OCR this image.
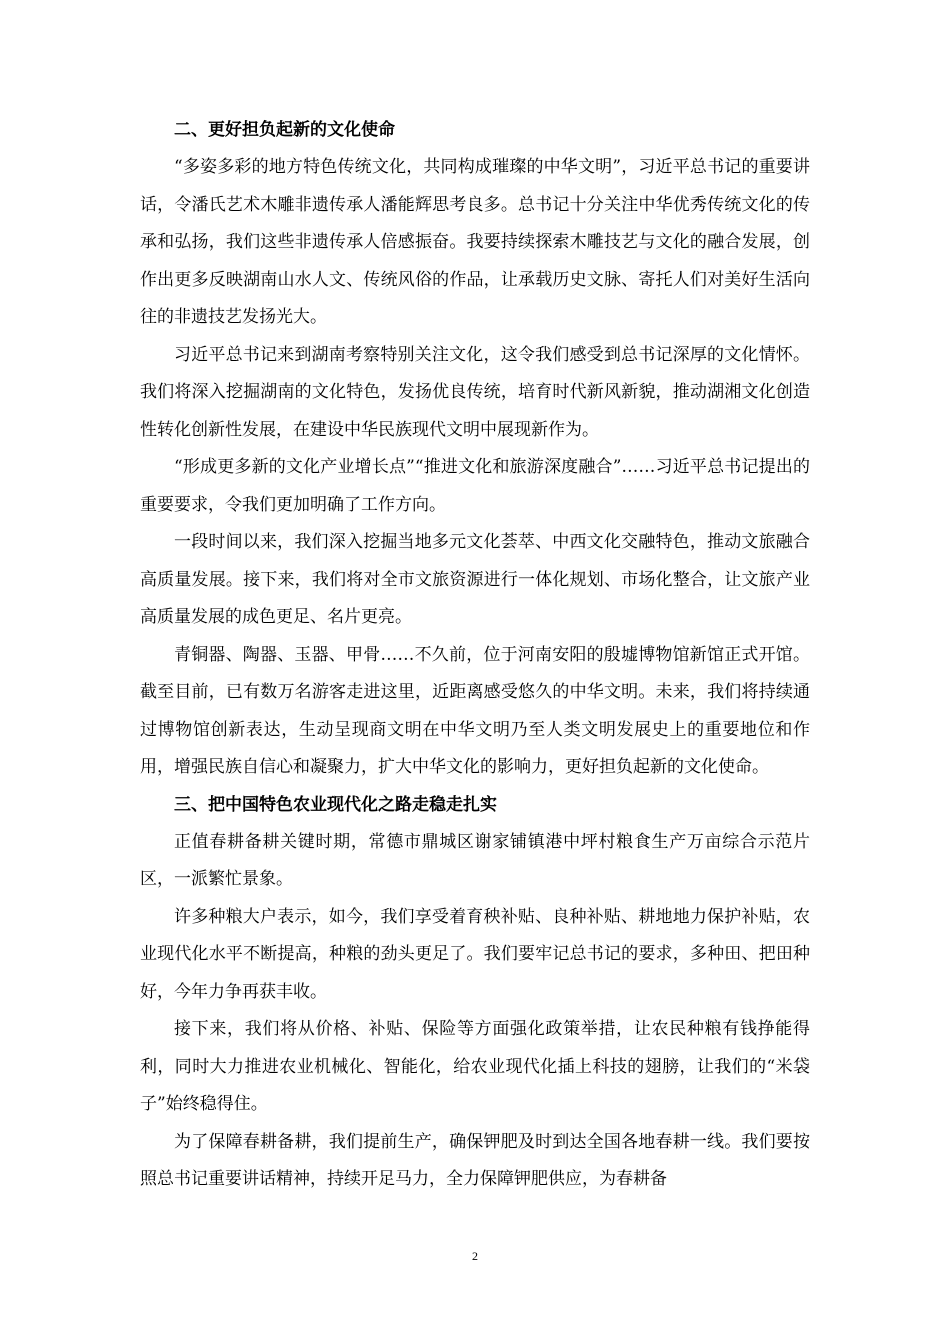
二、更好担负起新的文化使命

“多姿多彩的地方特色传统文化，共同构成璀璨的中华文明”，习近平总书记的重要讲话，令潘氏艺术木雕非遗传承人潘能辉思考良多。总书记十分关注中华优秀传统文化的传承和弘扬，我们这些非遗传承人倍感振奋。我要持续探索木雕技艺与文化的融合发展，创作出更多反映湖南山水人文、传统风俗的作品，让承载历史文脉、寄托人们对美好生活向往的非遗技艺发扬光大。

习近平总书记来到湖南考察特别关注文化，这令我们感受到总书记深厚的文化情怀。我们将深入挖掘湖南的文化特色，发扬优良传统，培育时代新风新貌，推动湖湘文化创造性转化创新性发展，在建设中华民族现代文明中展现新作为。

“形成更多新的文化产业增长点”“推进文化和旅游深度融合”……习近平总书记提出的重要要求，令我们更加明确了工作方向。

一段时间以来，我们深入挖掘当地多元文化荟萃、中西文化交融特色，推动文旅融合高质量发展。接下来，我们将对全市文旅资源进行一体化规划、市场化整合，让文旅产业高质量发展的成色更足、名片更亮。

青铜器、陶器、玉器、甲骨……不久前，位于河南安阳的殷墟博物馆新馆正式开馆。截至目前，已有数万名游客走进这里，近距离感受悠久的中华文明。未来，我们将持续通过博物馆创新表达，生动呈现商文明在中华文明乃至人类文明发展史上的重要地位和作用，增强民族自信心和凝聚力，扩大中华文化的影响力，更好担负起新的文化使命。

三、把中国特色农业现代化之路走稳走扎实

正值春耕备耕关键时期，常德市鼎城区谢家铺镇港中坪村粮食生产万亩综合示范片区，一派繁忙景象。

许多种粮大户表示，如今，我们享受着育秧补贴、良种补贴、耕地地力保护补贴，农业现代化水平不断提高，种粮的劲头更足了。我们要牢记总书记的要求，多种田、把田种好，今年力争再获丰收。

接下来，我们将从价格、补贴、保险等方面强化政策举措，让农民种粮有钱挣能得利，同时大力推进农业机械化、智能化，给农业现代化插上科技的翅膀，让我们的“米袋子”始终稳得住。

为了保障春耕备耕，我们提前生产，确保钾肥及时到达全国各地春耕一线。我们要按照总书记重要讲话精神，持续开足马力，全力保障钾肥供应，为春耕备

2
